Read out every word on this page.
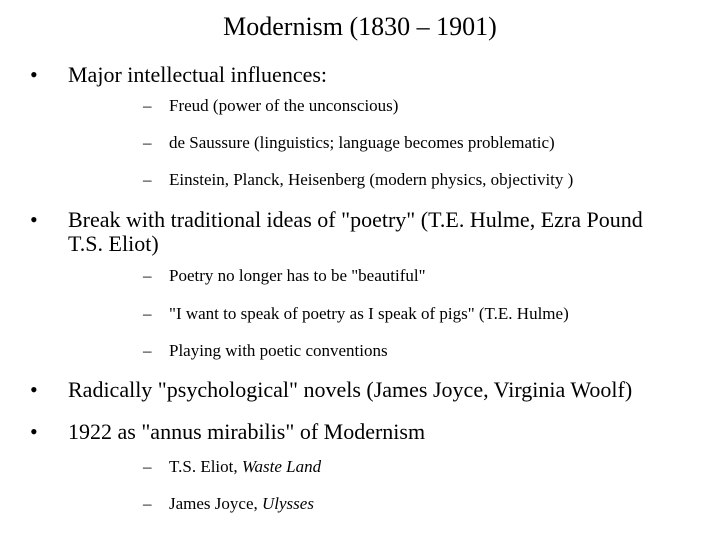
Modernism (1830 – 1901)
• Major intellectual influences:
– Freud (power of the unconscious)
– de Saussure (linguistics; language becomes problematic)
– Einstein, Planck, Heisenberg (modern physics, objectivity )
• Break with traditional ideas of "poetry" (T.E. Hulme, Ezra Pound
T.S. Eliot)
– Poetry no longer has to be "beautiful"
– "I want to speak of poetry as I speak of pigs" (T.E. Hulme)
– Playing with poetic conventions
• Radically "psychological" novels (James Joyce, Virginia Woolf)
• 1922 as "annus mirabilis" of Modernism
– T.S. Eliot, Waste Land
– James Joyce, Ulysses
